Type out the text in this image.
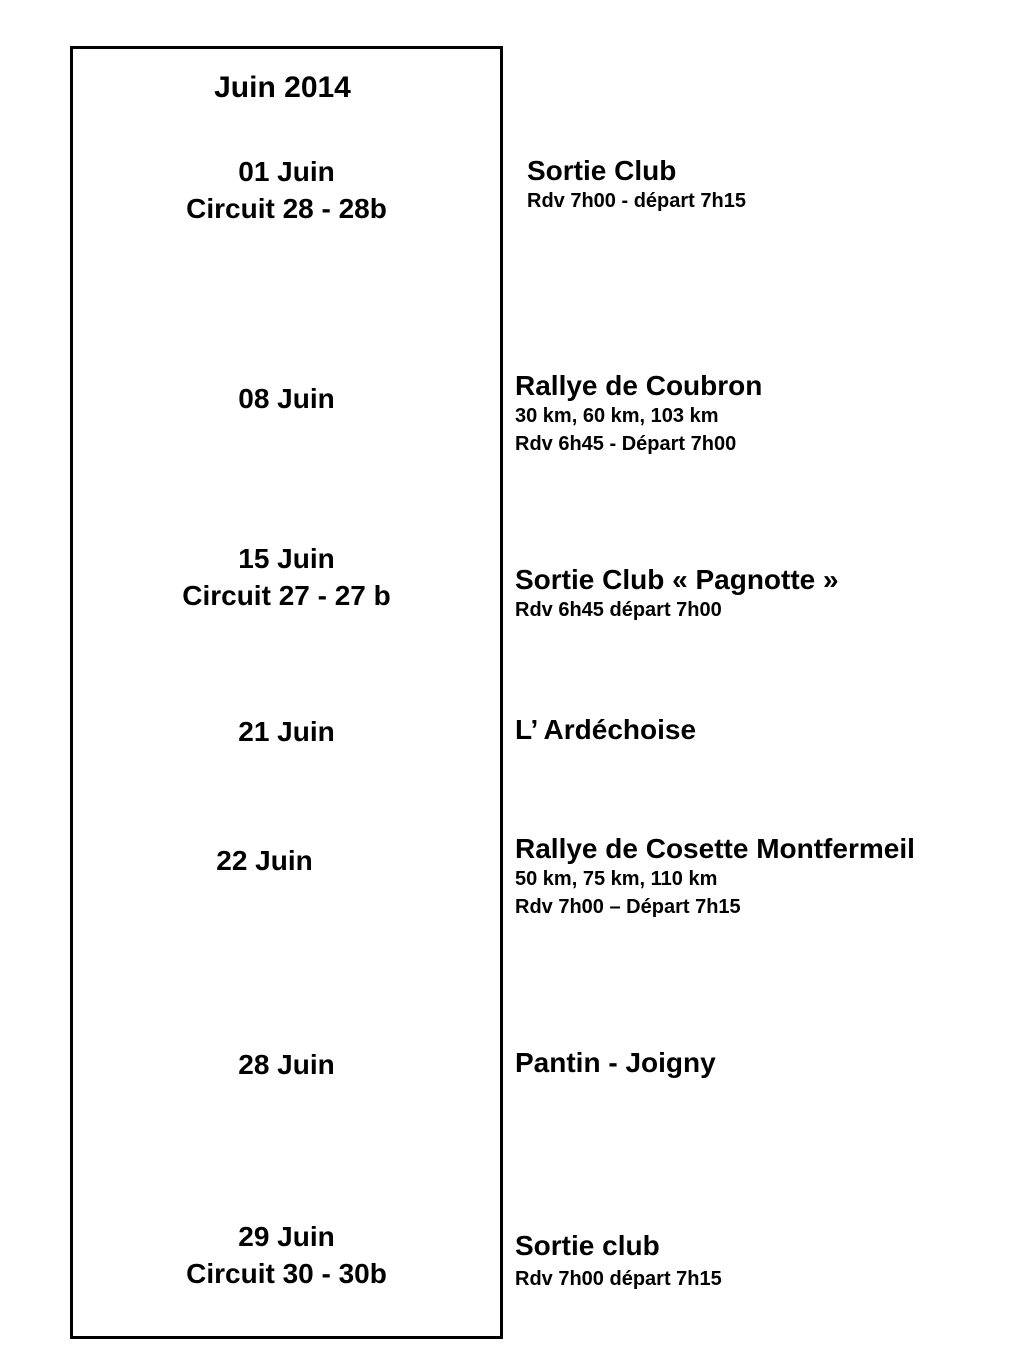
Juin 2014
01 Juin
Circuit 28 - 28b
08 Juin
15 Juin
Circuit 27 - 27 b
21 Juin
22 Juin
28 Juin
29 Juin
Circuit 30 - 30b
Sortie Club
Rdv 7h00 - départ 7h15
Rallye de Coubron
30 km, 60 km, 103 km
Rdv 6h45 - Départ 7h00
Sortie Club « Pagnotte »
Rdv 6h45 départ 7h00
L’ Ardéchoise
Rallye de Cosette Montfermeil
50 km, 75 km, 110 km
Rdv 7h00 – Départ 7h15
Pantin - Joigny
Sortie club
Rdv 7h00 départ 7h15
